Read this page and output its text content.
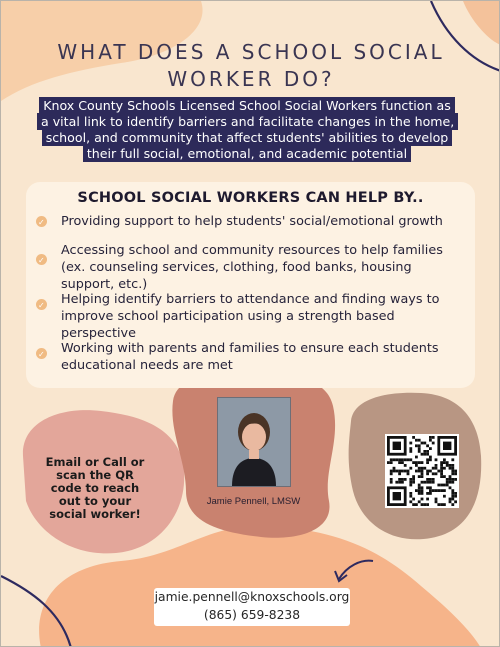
WHAT DOES A SCHOOL SOCIAL
WORKER DO?
Knox County Schools Licensed School Social Workers function as a vital link to identify barriers and facilitate changes in the home, school, and community that affect students' abilities to develop their full social, emotional, and academic potential
SCHOOL SOCIAL WORKERS CAN HELP BY..
✓
Providing support to help students' social/emotional growth
✓
Accessing school and community resources to help families (ex. counseling services, clothing, food banks, housing support, etc.)
✓
Helping identify barriers to attendance and finding ways to improve school participation using a strength based perspective
✓
Working with parents and families to ensure each students educational needs are met
Jamie Pennell, LMSW
Email or Call or scan the QR code to reach out to your social worker!
jamie.pennell@knoxschools.org
(865) 659-8238
